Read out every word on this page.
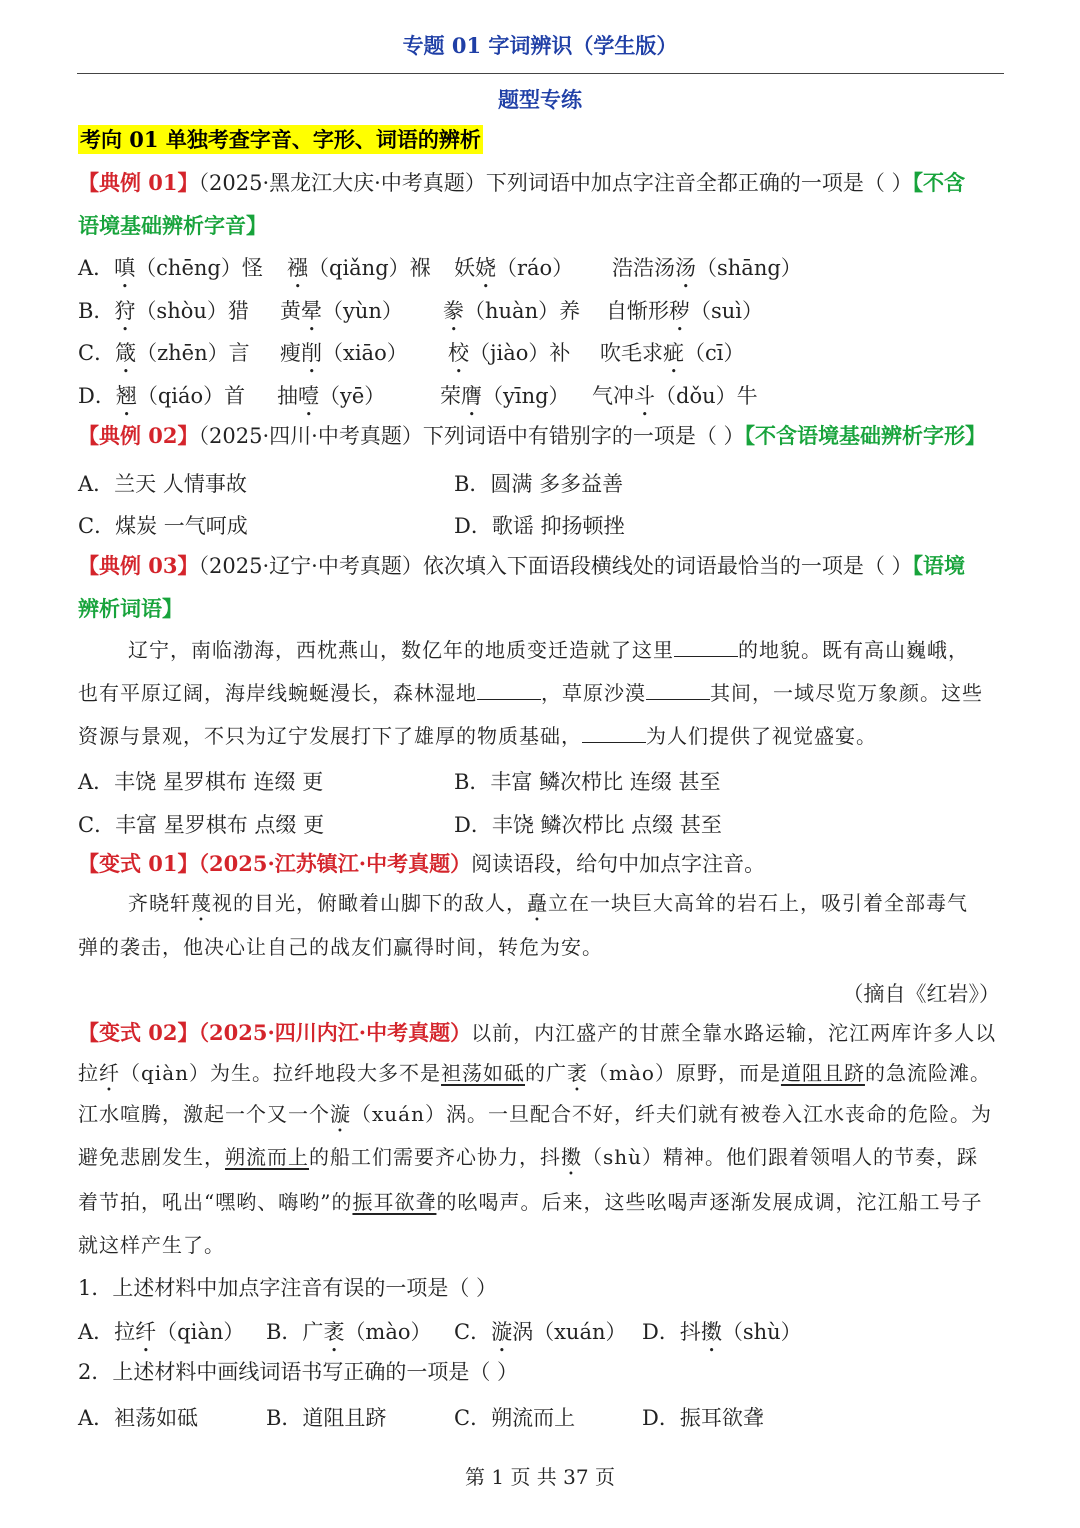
专题 01 字词辨识（学生版）
题型专练
考向 01 单独考查字音、字形、词语的辨析
【典例 01】（2025·黑龙江大庆·中考真题）下列词语中加点字注音全都正确的一项是（ ）【不含
语境基础辨析字音】
A．嗔（chēng）怪 襁（qiǎng）褓 妖娆（ráo） 浩浩汤汤（shāng）
B．狩（shòu）猎 黄晕（yùn） 豢（huàn）养 自惭形秽（suì）
C．箴（zhēn）言 瘦削（xiāo） 校（jiào）补 吹毛求疵（cī）
D．翘（qiáo）首 抽噎（yē）	荣膺（yīng） 气冲斗（dǒu）牛
【典例 02】（2025·四川·中考真题）下列词语中有错别字的一项是（ ）【不含语境基础辨析字形】
A．兰天 人情事故	B．圆满 多多益善
C．煤炭 一气呵成	D．歌谣 抑扬顿挫
【典例 03】（2025·辽宁·中考真题）依次填入下面语段横线处的词语最恰当的一项是（ ）【语境
辨析词语】
辽宁，南临渤海，西枕燕山，数亿年的地质变迁造就了这里	的地貌。既有高山巍峨，
也有平原辽阔，海岸线蜿蜒漫长，森林湿地	，草原沙漠	其间，一域尽览万象颜。这些
资源与景观，不只为辽宁发展打下了雄厚的物质基础，	为人们提供了视觉盛宴。
A．丰饶 星罗棋布 连缀 更	B．丰富 鳞次栉比 连缀 甚至
C．丰富 星罗棋布 点缀 更	D．丰饶 鳞次栉比 点缀 甚至
【变式 01】（2025·江苏镇江·中考真题）阅读语段，给句中加点字注音。
齐晓轩蔑视的目光，俯瞰着山脚下的敌人，矗立在一块巨大高耸的岩石上，吸引着全部毒气
弹的袭击，他决心让自己的战友们赢得时间，转危为安。
（摘自《红岩》）
【变式 02】（2025·四川内江·中考真题）以前，内江盛产的甘蔗全靠水路运输，沱江两库许多人以
拉纤（qiàn）为生。拉纤地段大多不是袒荡如砥的广袤（mào）原野，而是道阻且跻的急流险滩。
江水喧腾，激起一个又一个漩（xuán）涡。一旦配合不好，纤夫们就有被卷入江水丧命的危险。为
避免悲剧发生，朔流而上的船工们需要齐心协力，抖擞（shù）精神。他们跟着领唱人的节奏，踩
着节拍，吼出“嘿哟、嗨哟”的振耳欲聋的吆喝声。后来，这些吆喝声逐渐发展成调，沱江船工号子
就这样产生了。
1．上述材料中加点字注音有误的一项是（ ）
A．拉纤（qiàn） B．广袤（mào） C．漩涡（xuán） D．抖擞（shù）
2．上述材料中画线词语书写正确的一项是（ ）
A．袒荡如砥	B．道阻且跻	C．朔流而上	D．振耳欲聋
第 1 页 共 37 页
